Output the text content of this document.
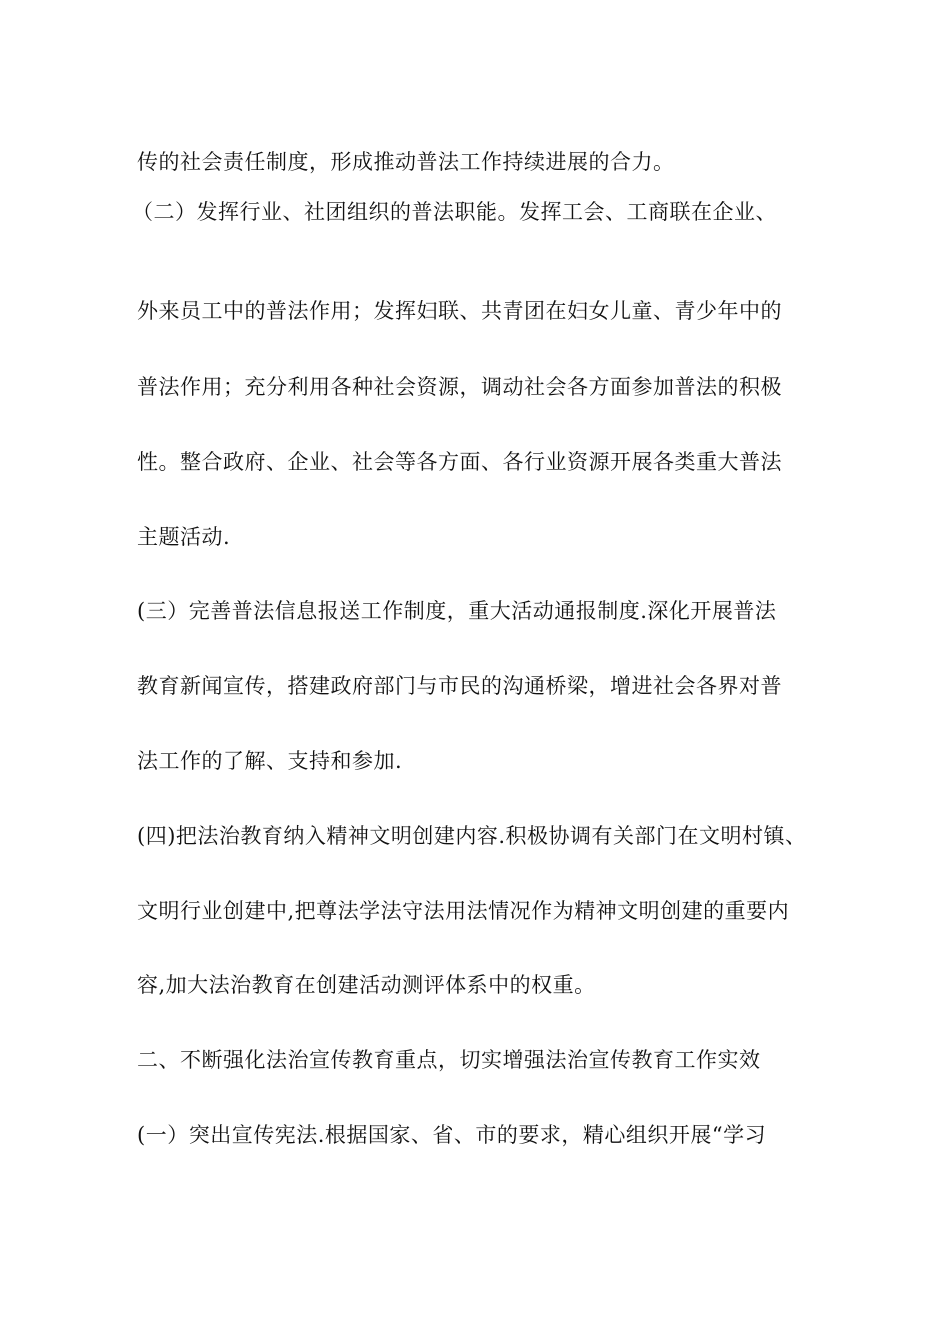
传的社会责任制度，形成推动普法工作持续进展的合力。
（二）发挥行业、社团组织的普法职能。发挥工会、工商联在企业、
外来员工中的普法作用；发挥妇联、共青团在妇女儿童、青少年中的
普法作用；充分利用各种社会资源，调动社会各方面参加普法的积极
性。整合政府、企业、社会等各方面、各行业资源开展各类重大普法
主题活动.
(三）完善普法信息报送工作制度，重大活动通报制度.深化开展普法
教育新闻宣传，搭建政府部门与市民的沟通桥梁，增进社会各界对普
法工作的了解、支持和参加.
(四)把法治教育纳入精神文明创建内容.积极协调有关部门在文明村镇、
文明行业创建中,把尊法学法守法用法情况作为精神文明创建的重要内
容,加大法治教育在创建活动测评体系中的权重。
二、不断强化法治宣传教育重点，切实增强法治宣传教育工作实效
(一）突出宣传宪法.根据国家、省、市的要求，精心组织开展“学习
